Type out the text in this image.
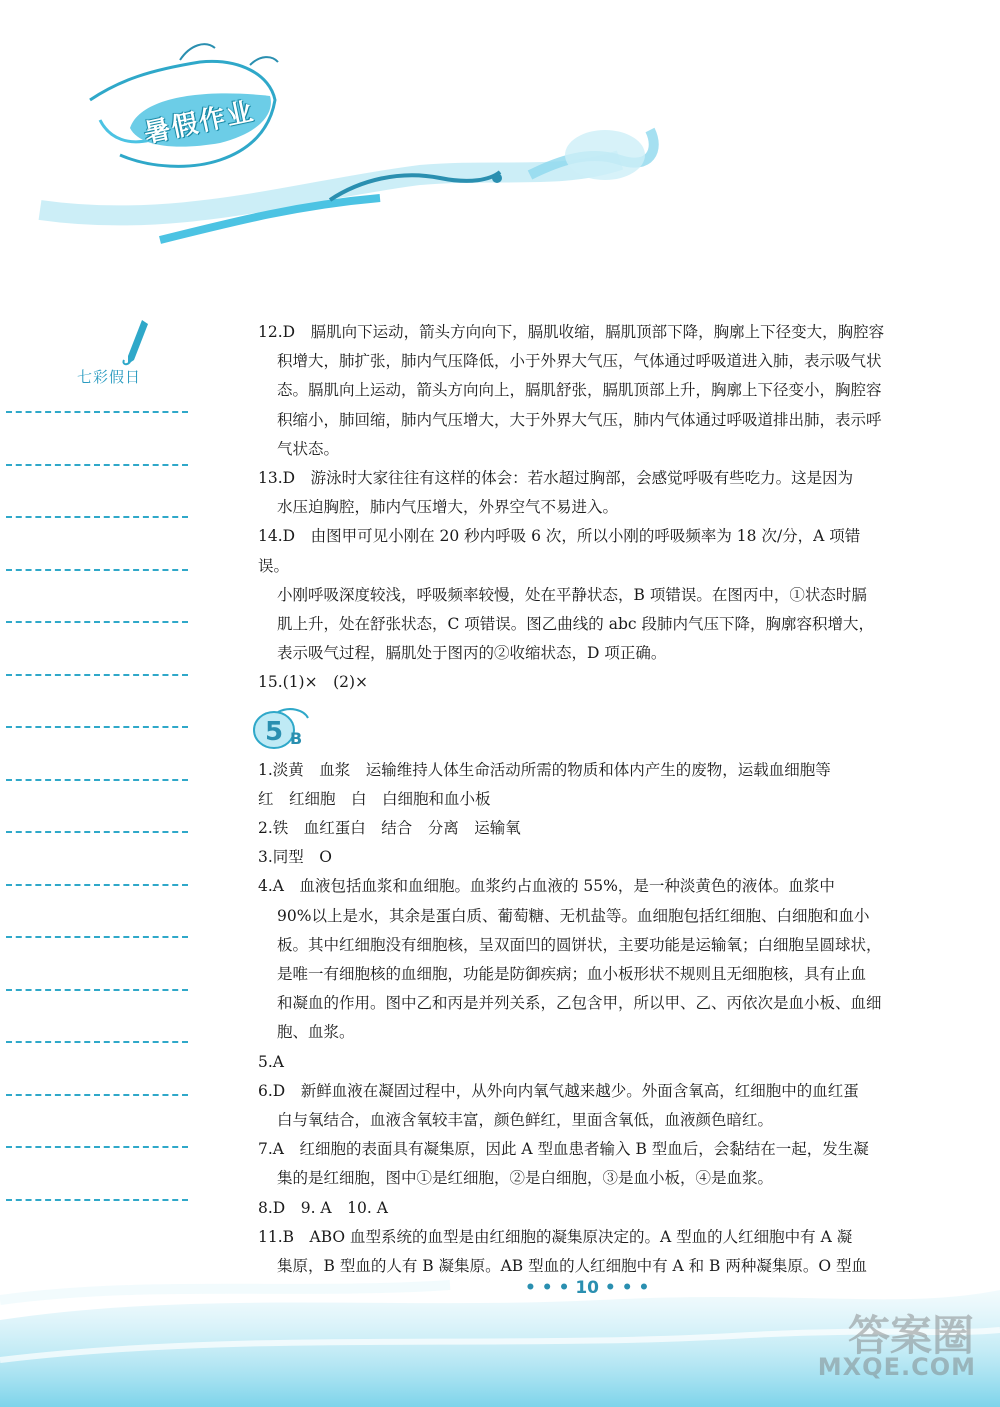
暑假作业
七彩假日
12.D　膈肌向下运动，箭头方向向下，膈肌收缩，膈肌顶部下降，胸廓上下径变大，胸腔容
积增大，肺扩张，肺内气压降低，小于外界大气压，气体通过呼吸道进入肺，表示吸气状
态。膈肌向上运动，箭头方向向上，膈肌舒张，膈肌顶部上升，胸廓上下径变小，胸腔容
积缩小，肺回缩，肺内气压增大，大于外界大气压，肺内气体通过呼吸道排出肺，表示呼
气状态。
13.D　游泳时大家往往有这样的体会：若水超过胸部，会感觉呼吸有些吃力。这是因为
水压迫胸腔，肺内气压增大，外界空气不易进入。
14.D　由图甲可见小刚在 20 秒内呼吸 6 次，所以小刚的呼吸频率为 18 次/分，A 项错误。
小刚呼吸深度较浅，呼吸频率较慢，处在平静状态，B 项错误。在图丙中，①状态时膈
肌上升，处在舒张状态，C 项错误。图乙曲线的 abc 段肺内气压下降，胸廓容积增大，
表示吸气过程，膈肌处于图丙的②收缩状态，D 项正确。
15.(1)×　(2)×
5 B
1.淡黄　血浆　运输维持人体生命活动所需的物质和体内产生的废物，运载血细胞等
红　红细胞　白　白细胞和血小板
2.铁　血红蛋白　结合　分离　运输氧
3.同型　O
4.A　血液包括血浆和血细胞。血浆约占血液的 55%，是一种淡黄色的液体。血浆中
90%以上是水，其余是蛋白质、葡萄糖、无机盐等。血细胞包括红细胞、白细胞和血小
板。其中红细胞没有细胞核，呈双面凹的圆饼状，主要功能是运输氧；白细胞呈圆球状，
是唯一有细胞核的血细胞，功能是防御疾病；血小板形状不规则且无细胞核，具有止血
和凝血的作用。图中乙和丙是并列关系，乙包含甲，所以甲、乙、丙依次是血小板、血细
胞、血浆。
5.A
6.D　新鲜血液在凝固过程中，从外向内氧气越来越少。外面含氧高，红细胞中的血红蛋
白与氧结合，血液含氧较丰富，颜色鲜红，里面含氧低，血液颜色暗红。
7.A　红细胞的表面具有凝集原，因此 A 型血患者输入 B 型血后，会黏结在一起，发生凝
集的是红细胞，图中①是红细胞，②是白细胞，③是血小板，④是血浆。
8.D　9. A　10. A
11.B　ABO 血型系统的血型是由红细胞的凝集原决定的。A 型血的人红细胞中有 A 凝
集原，B 型血的人有 B 凝集原。AB 型血的人红细胞中有 A 和 B 两种凝集原。O 型血
• • • 10 • • •
答案圈
MXQE.COM
